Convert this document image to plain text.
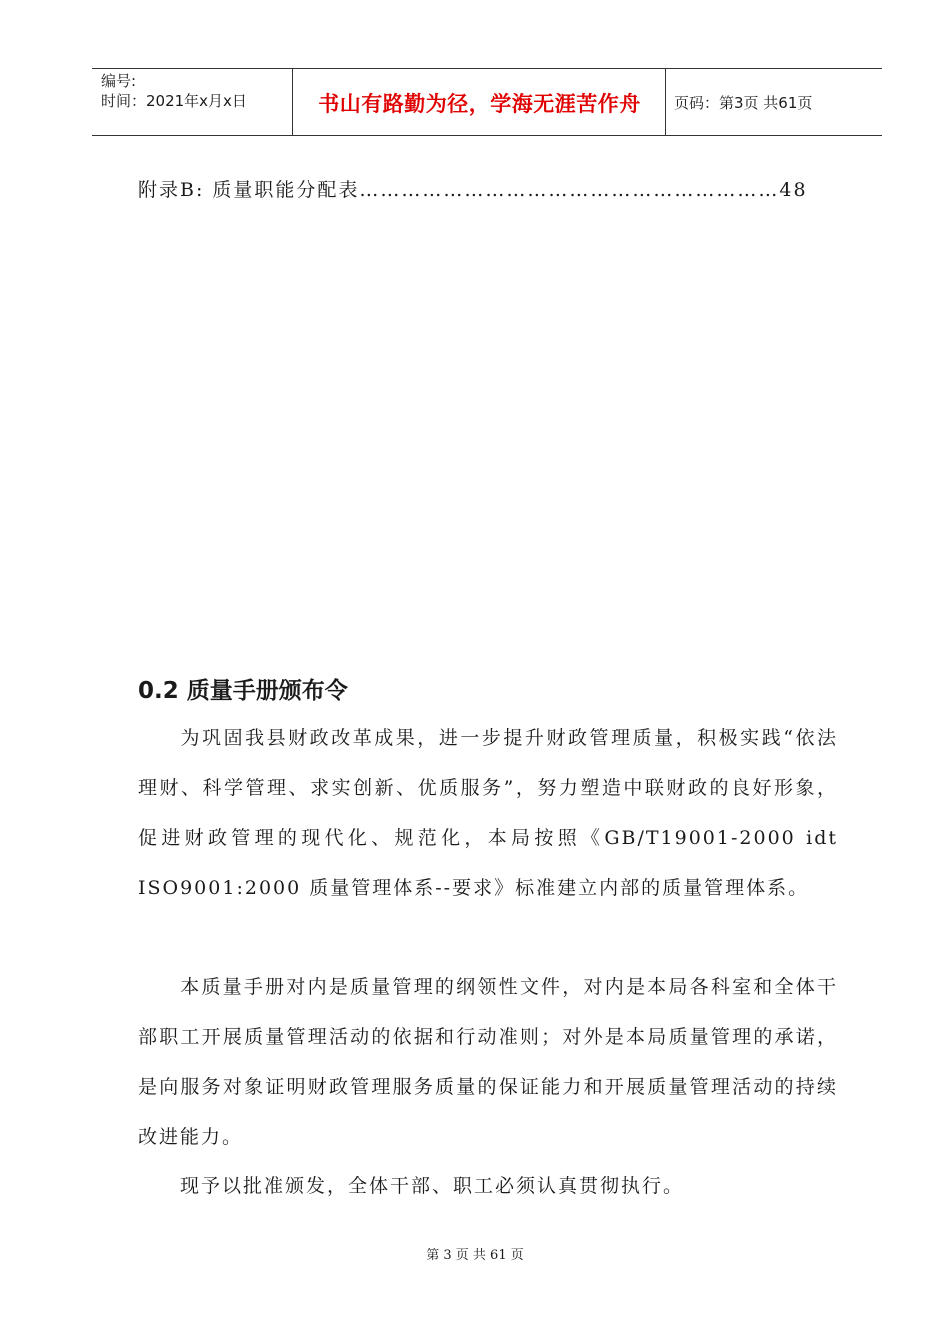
编号:
时间：2021年x月x日	书山有路勤为径，学海无涯苦作舟	页码：第3页 共61页
附录B: 质量职能分配表……………………………………………………48
0.2 质量手册颁布令
为巩固我县财政改革成果，进一步提升财政管理质量，积极实践“依法理财、科学管理、求实创新、优质服务”，努力塑造中联财政的良好形象，促进财政管理的现代化、规范化，本局按照《GB/T19001-2000 idt ISO9001:2000 质量管理体系--要求》标准建立内部的质量管理体系。
本质量手册对内是质量管理的纲领性文件，对内是本局各科室和全体干部职工开展质量管理活动的依据和行动准则；对外是本局质量管理的承诺，是向服务对象证明财政管理服务质量的保证能力和开展质量管理活动的持续改进能力。
现予以批准颁发，全体干部、职工必须认真贯彻执行。
第 3 页 共 61 页
